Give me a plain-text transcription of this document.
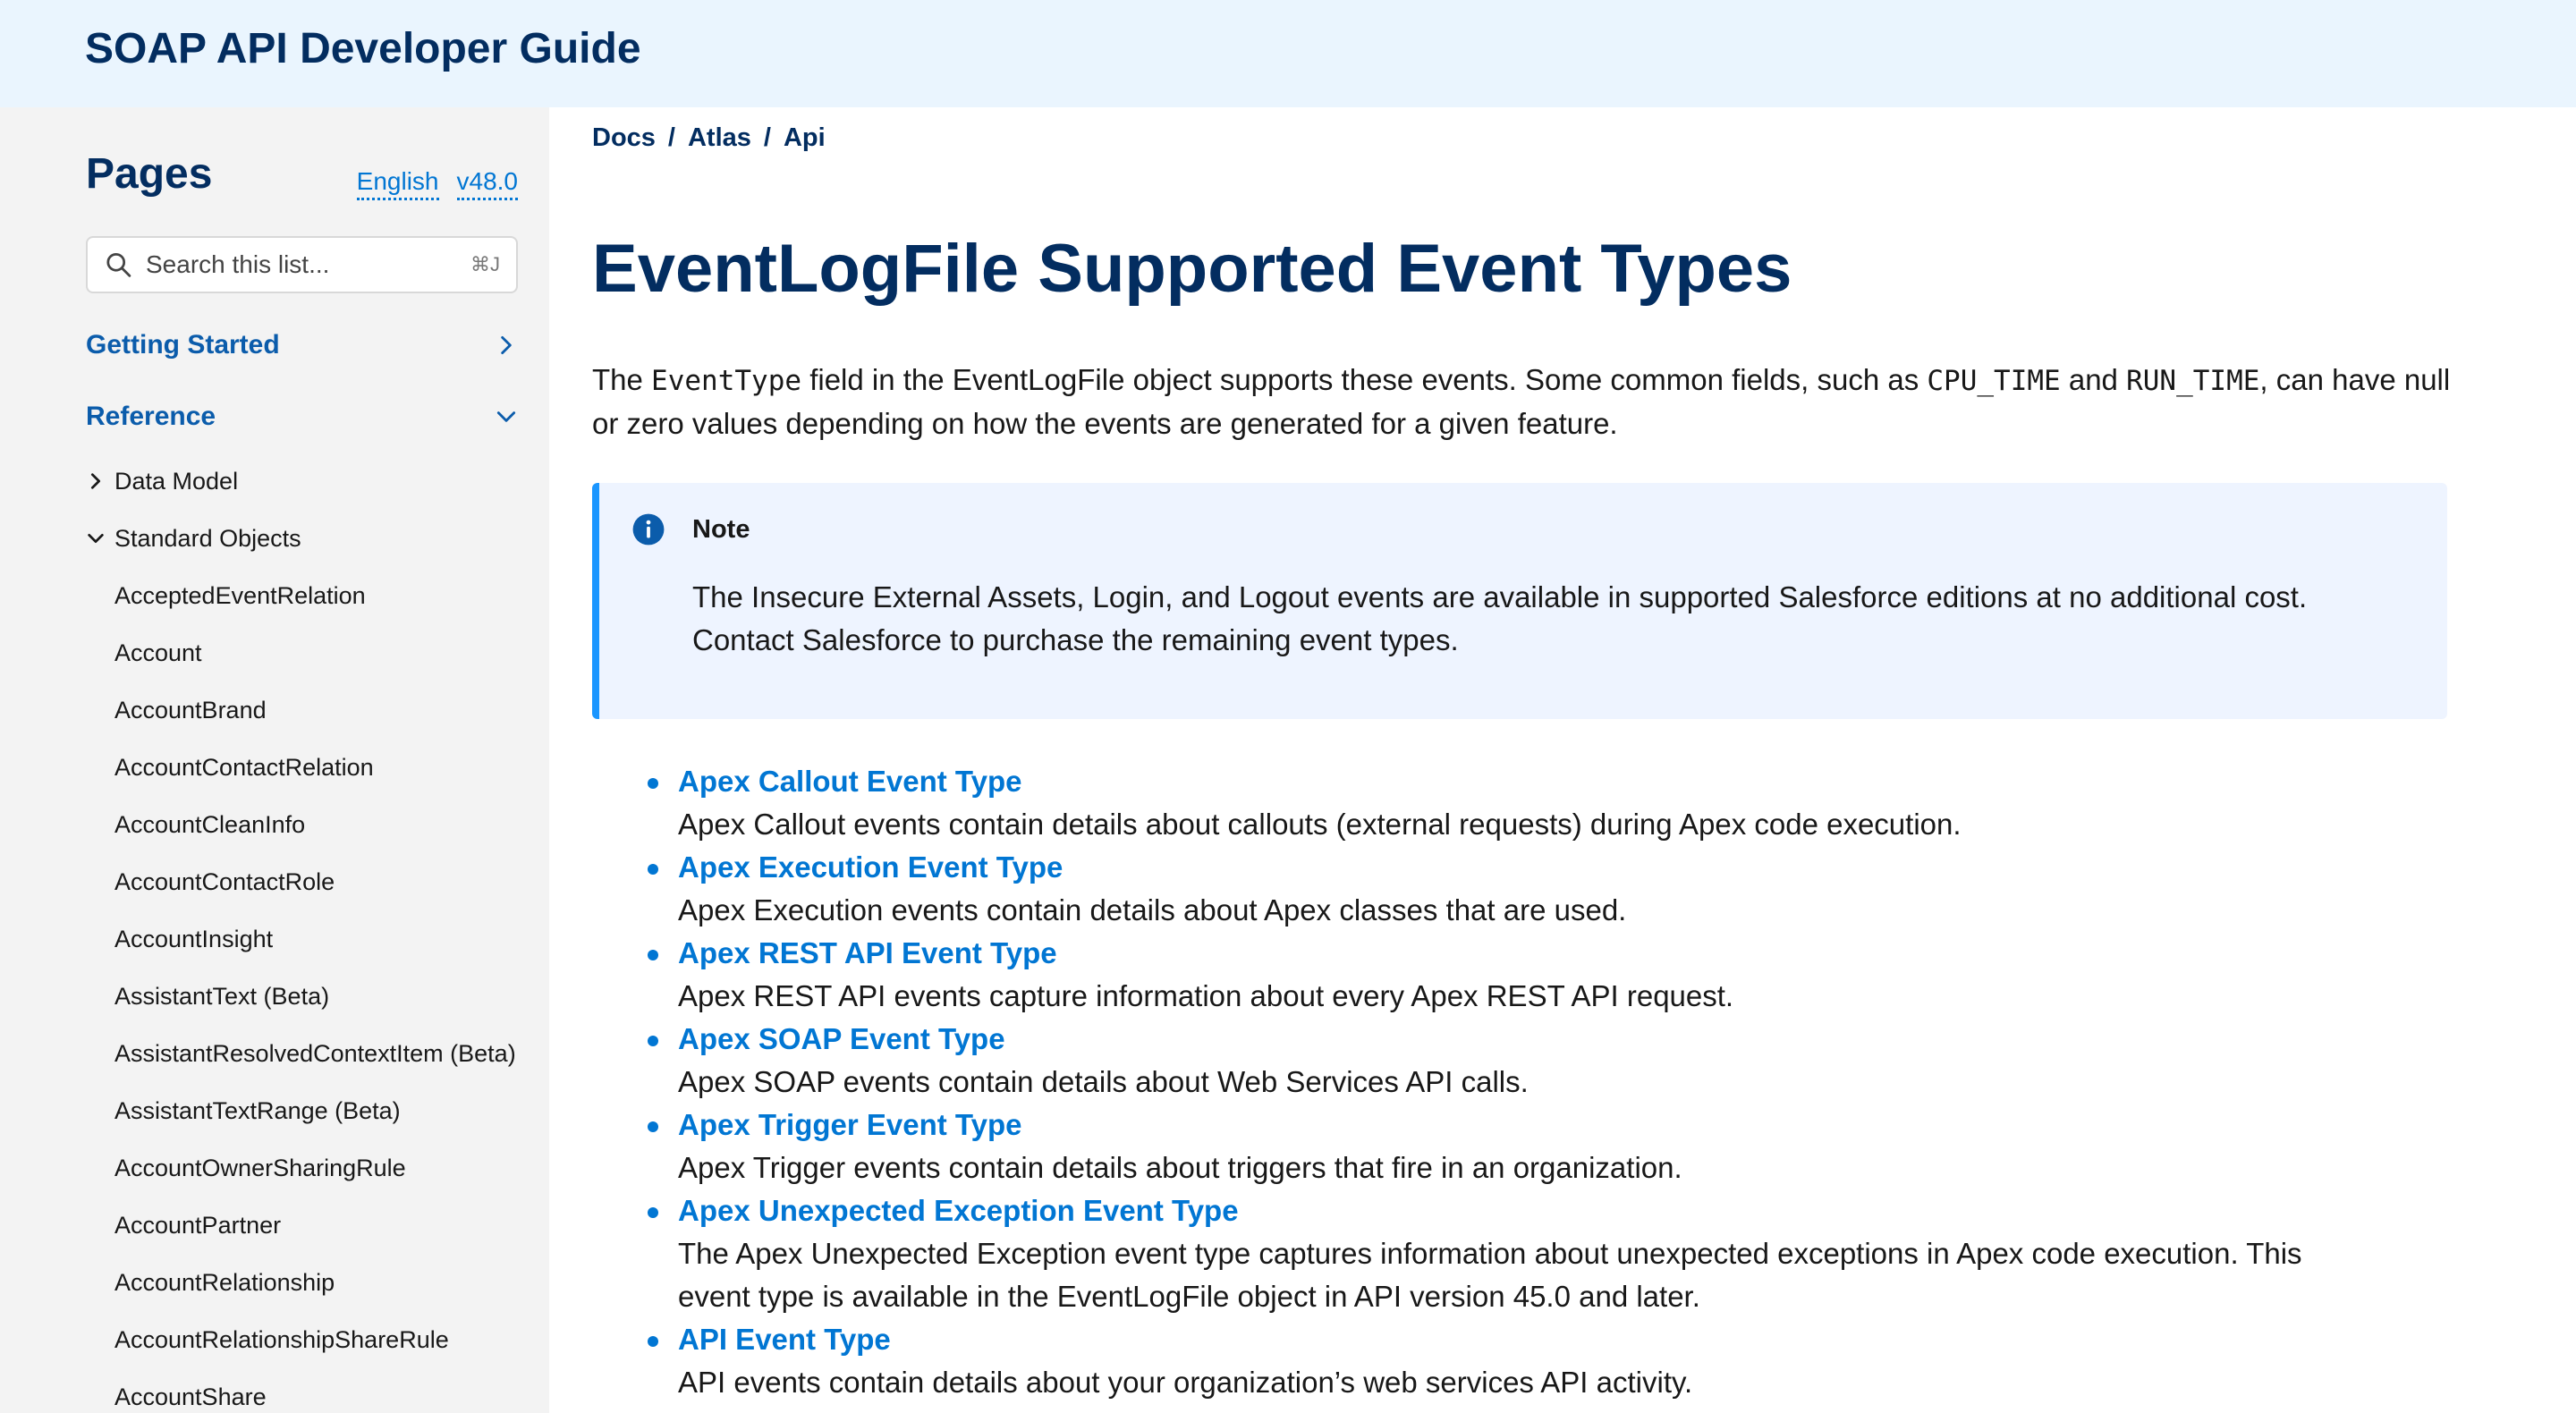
SOAP API Developer Guide
Pages	English v48.0
Search this list...
⌘J
Getting Started
Reference
Data Model
Standard Objects
AcceptedEventRelation
Account
AccountBrand
AccountContactRelation
AccountCleanInfo
AccountContactRole
AccountInsight
AssistantText (Beta)
AssistantResolvedContextItem (Beta)
AssistantTextRange (Beta)
AccountOwnerSharingRule
AccountPartner
AccountRelationship
AccountRelationshipShareRule
AccountShare
Docs / Atlas / Api
EventLogFile Supported Event Types

The EventType field in the EventLogFile object supports these events. Some common fields, such as CPU_TIME and RUN_TIME, can have null or zero values depending on how the events are generated for a given feature.

Note
The Insecure External Assets, Login, and Logout events are available in supported Salesforce editions at no additional cost. Contact Salesforce to purchase the remaining event types.
Apex Callout Event Type
Apex Callout events contain details about callouts (external requests) during Apex code execution.
Apex Execution Event Type
Apex Execution events contain details about Apex classes that are used.
Apex REST API Event Type
Apex REST API events capture information about every Apex REST API request.
Apex SOAP Event Type
Apex SOAP events contain details about Web Services API calls.
Apex Trigger Event Type
Apex Trigger events contain details about triggers that fire in an organization.
Apex Unexpected Exception Event Type
The Apex Unexpected Exception event type captures information about unexpected exceptions in Apex code execution. This event type is available in the EventLogFile object in API version 45.0 and later.
API Event Type
API events contain details about your organization’s web services API activity.
